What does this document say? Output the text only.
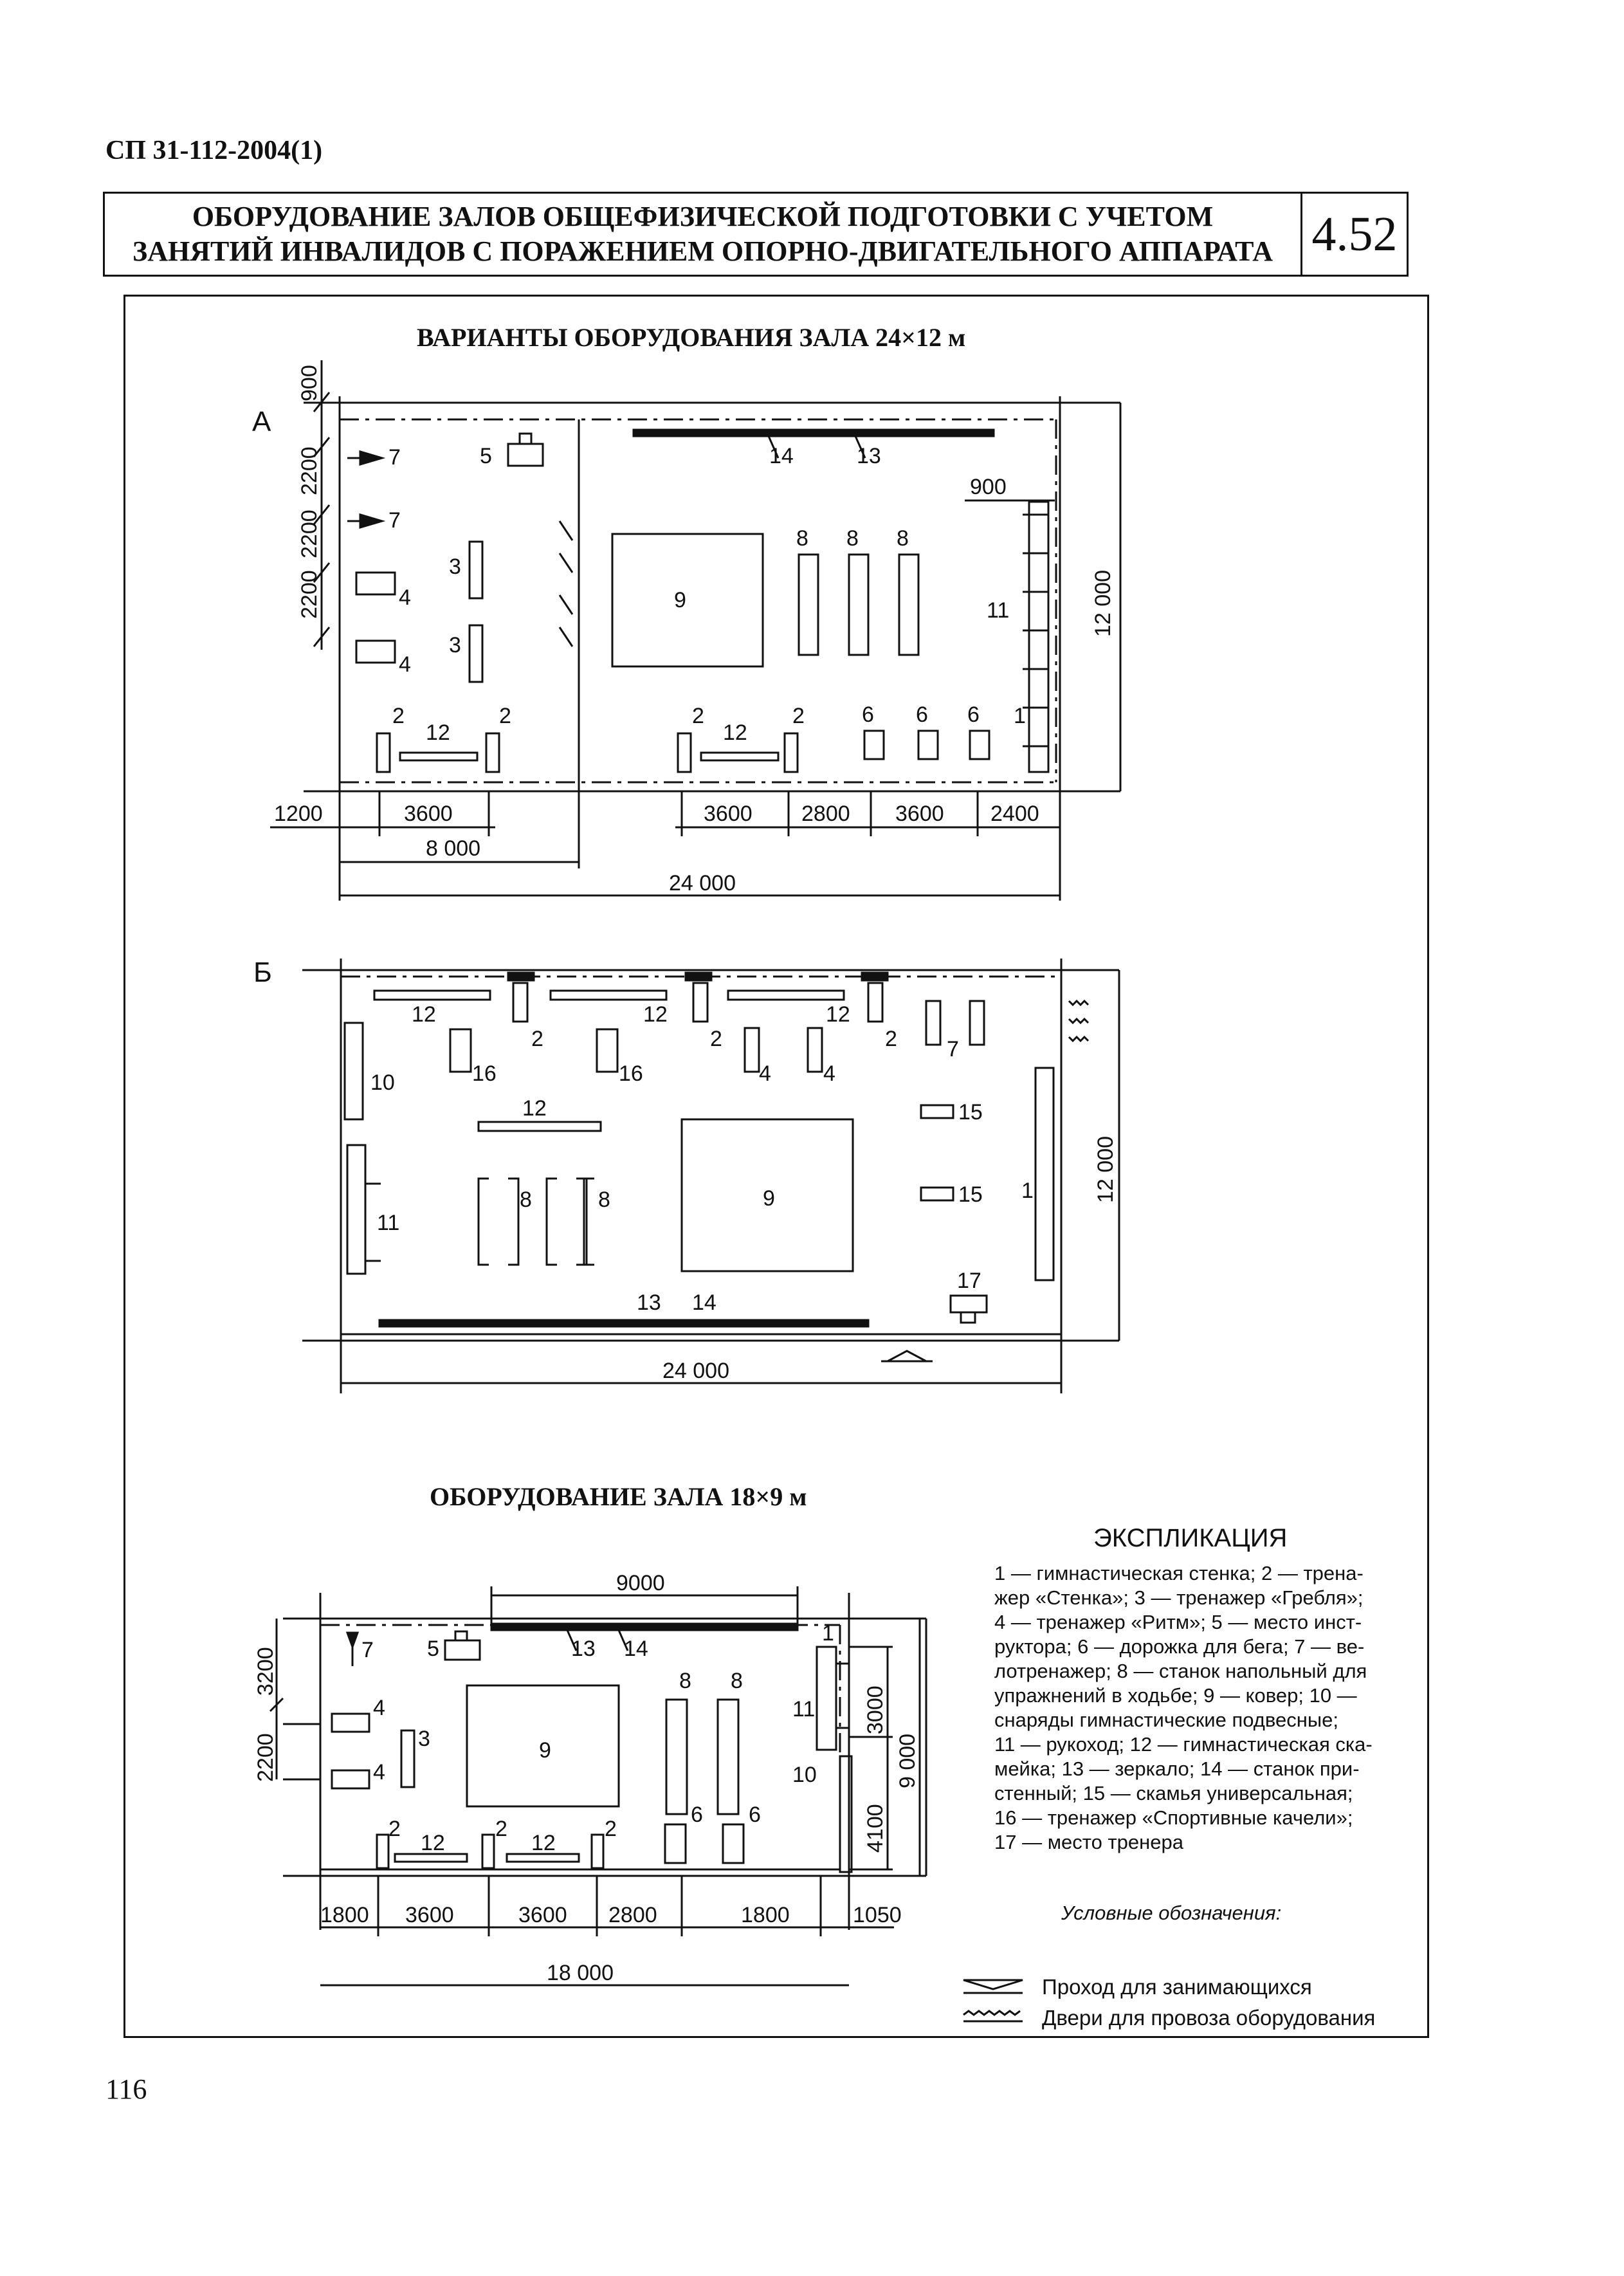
СП 31-112-2004(1)
ОБОРУДОВАНИЕ ЗАЛОВ ОБЩЕФИЗИЧЕСКОЙ ПОДГОТОВКИ С УЧЕТОМ
ЗАНЯТИЙ ИНВАЛИДОВ С ПОРАЖЕНИЕМ ОПОРНО-ДВИГАТЕЛЬНОГО АППАРАТА 4.52
ВАРИАНТЫ ОБОРУДОВАНИЯ ЗАЛА 24×12 м
А
900
2200
2200
2200
7
7
5
3
3
4
4
9
8 8 8
14	13
11
900
2
12
2	2
12
2	6 6 6 1
12 000
1200	3600	3600 2800 3600 2400
8 000
24 000
Б
12	12	12
2	2	2
16	16	4 4
7
10
12	15
15
9
8	8
11
1
17
13 14
12 000
24 000
ОБОРУДОВАНИЕ ЗАЛА 18×9 м
9000
3200
2200
7 5	13 14
1
4
3
4
9
8 8
11
10
2
12
2
12
2
6 6
3000
4100
9 000
1800 3600	3600 2800	1800	1050
18 000
ЭКСПЛИКАЦИЯ
1 — гимнастическая стенка; 2 — трена-
жер «Стенка»; 3 — тренажер «Гребля»;
4 — тренажер «Ритм»; 5 — место инст-
руктора; 6 — дорожка для бега; 7 — ве-
лотренажер; 8 — станок напольный для
упражнений в ходьбе; 9 — ковер; 10 —
снаряды гимнастические подвесные;
11 — рукоход; 12 — гимнастическая ска-
мейка; 13 — зеркало; 14 — станок при-
стенный; 15 — скамья универсальная;
16 — тренажер «Спортивные качели»;
17 — место тренера
Условные обозначения:
Проход для занимающихся
Двери для провоза оборудования
116
